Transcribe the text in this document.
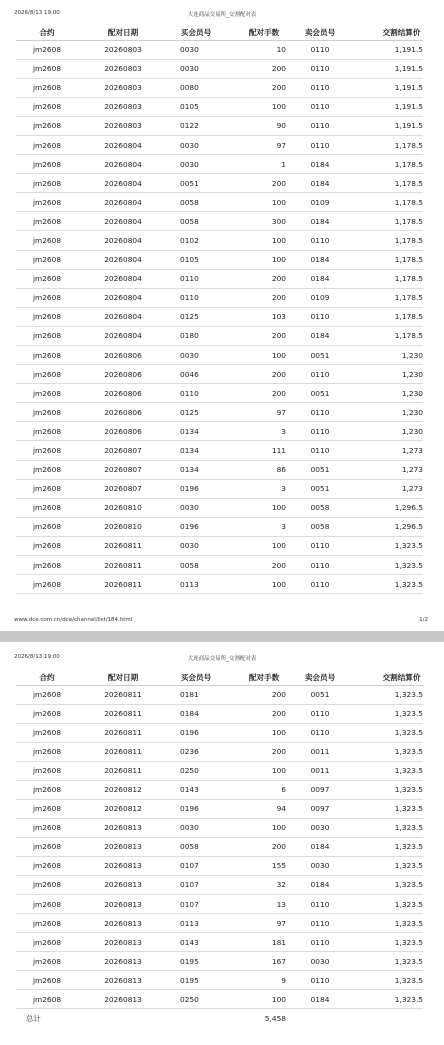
2026/8/13 19:00	大连商品交易所_交割配对表
合约	配对日期	买会员号	配对手数	卖会员号	交割结算价
jm2608	20260803	0030	10	0110	1,191.5
jm2608	20260803	0030	200	0110	1,191.5
jm2608	20260803	0080	200	0110	1,191.5
jm2608	20260803	0105	100	0110	1,191.5
jm2608	20260803	0122	90	0110	1,191.5
jm2608	20260804	0030	97	0110	1,178.5
jm2608	20260804	0030	1	0184	1,178.5
jm2608	20260804	0051	200	0184	1,178.5
jm2608	20260804	0058	100	0109	1,178.5
jm2608	20260804	0058	300	0184	1,178.5
jm2608	20260804	0102	100	0110	1,178.5
jm2608	20260804	0105	100	0184	1,178.5
jm2608	20260804	0110	200	0184	1,178.5
jm2608	20260804	0110	200	0109	1,178.5
jm2608	20260804	0125	103	0110	1,178.5
jm2608	20260804	0180	200	0184	1,178.5
jm2608	20260806	0030	100	0051	1,230
jm2608	20260806	0046	200	0110	1,230
jm2608	20260806	0110	200	0051	1,230
jm2608	20260806	0125	97	0110	1,230
jm2608	20260806	0134	3	0110	1,230
jm2608	20260807	0134	111	0110	1,273
jm2608	20260807	0134	86	0051	1,273
jm2608	20260807	0196	3	0051	1,273
jm2608	20260810	0030	100	0058	1,296.5
jm2608	20260810	0196	3	0058	1,296.5
jm2608	20260811	0030	100	0110	1,323.5
jm2608	20260811	0058	200	0110	1,323.5
jm2608	20260811	0113	100	0110	1,323.5
www.dce.com.cn/dce/channel/list/184.html	1/2
2026/8/13 19:00	大连商品交易所_交割配对表
合约	配对日期	买会员号	配对手数	卖会员号	交割结算价
jm2608	20260811	0181	200	0051	1,323.5
jm2608	20260811	0184	200	0110	1,323.5
jm2608	20260811	0196	100	0110	1,323.5
jm2608	20260811	0236	200	0011	1,323.5
jm2608	20260811	0250	100	0011	1,323.5
jm2608	20260812	0143	6	0097	1,323.5
jm2608	20260812	0196	94	0097	1,323.5
jm2608	20260813	0030	100	0030	1,323.5
jm2608	20260813	0058	200	0184	1,323.5
jm2608	20260813	0107	155	0030	1,323.5
jm2608	20260813	0107	32	0184	1,323.5
jm2608	20260813	0107	13	0110	1,323.5
jm2608	20260813	0113	97	0110	1,323.5
jm2608	20260813	0143	181	0110	1,323.5
jm2608	20260813	0195	167	0030	1,323.5
jm2608	20260813	0195	9	0110	1,323.5
jm2608	20260813	0250	100	0184	1,323.5
总计			5,458		
